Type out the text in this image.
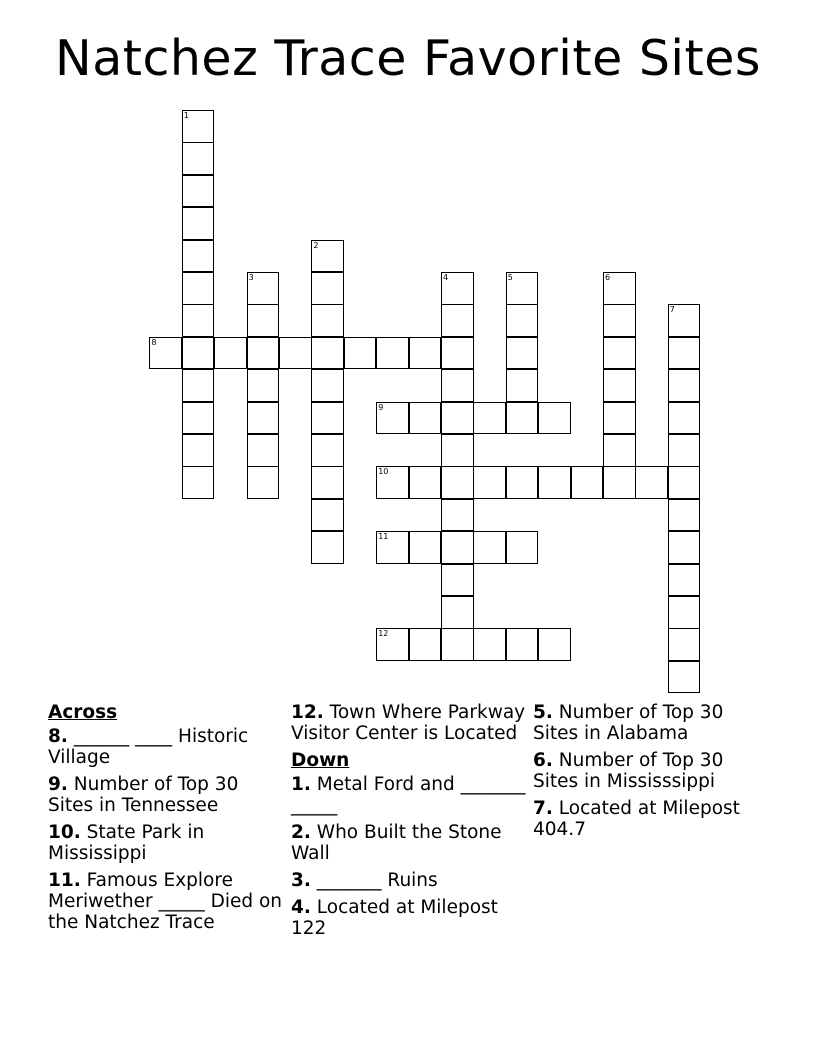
Natchez Trace Favorite Sites
1
2
3	4	5	6
7
8
9
10
11
12
Across
8. ______ ____ Historic Village
9. Number of Top 30 Sites in Tennessee
10. State Park in Mississippi
11. Famous Explore Meriwether _____ Died on the Natchez Trace
12. Town Where Parkway Visitor Center is Located
Down
1. Metal Ford and _______ _____
2. Who Built the Stone Wall
3. _______ Ruins
4. Located at Milepost 122
5. Number of Top 30 Sites in Alabama
6. Number of Top 30 Sites in Mississsippi
7. Located at Milepost 404.7
